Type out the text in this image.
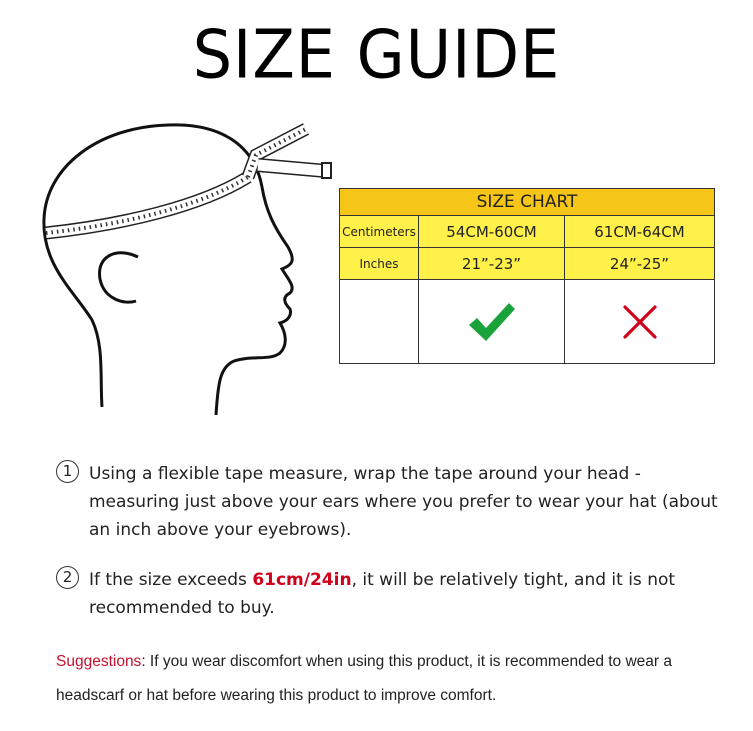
SIZE GUIDE
SIZE CHART
Centimeters	54CM-60CM	61CM-64CM
Inches	21”-23”	24”-25”
1 Using a flexible tape measure, wrap the tape around your head - measuring just above your ears where you prefer to wear your hat (about an inch above your eyebrows).
2 If the size exceeds 61cm/24in, it will be relatively tight, and it is not recommended to buy.
Suggestions: If you wear discomfort when using this product, it is recommended to wear a headscarf or hat before wearing this product to improve comfort.
